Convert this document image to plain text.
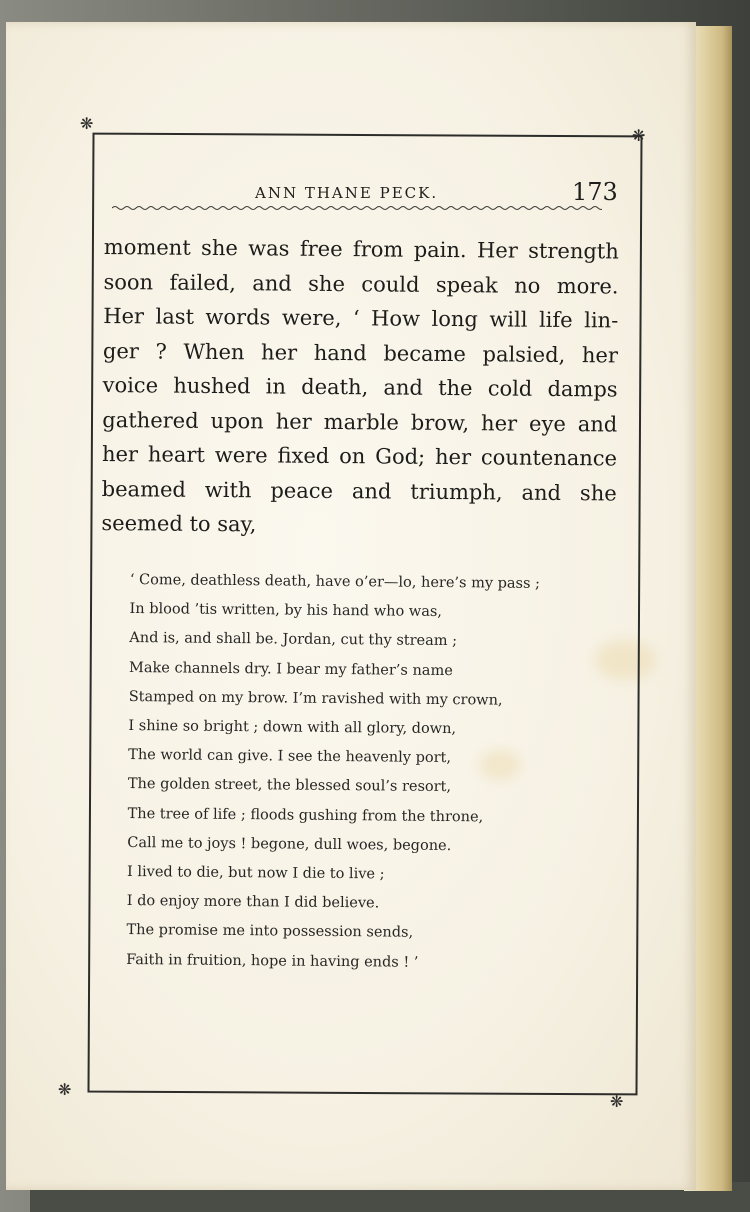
❋
❋
❋
❋
ANN THANE PECK.	173
moment she was free from pain. Her strength
soon failed, and she could speak no more.
Her last words were, ‘ How long will life lin-
ger ? When her hand became palsied, her
voice hushed in death, and the cold damps
gathered upon her marble brow, her eye and
her heart were fixed on God; her countenance
beamed with peace and triumph, and she
seemed to say,
‘ Come, deathless death, have o’er—lo, here’s my pass ;
In blood ’tis written, by his hand who was,
And is, and shall be. Jordan, cut thy stream ;
Make channels dry. I bear my father’s name
Stamped on my brow. I’m ravished with my crown,
I shine so bright ; down with all glory, down,
The world can give. I see the heavenly port,
The golden street, the blessed soul’s resort,
The tree of life ; floods gushing from the throne,
Call me to joys ! begone, dull woes, begone.
I lived to die, but now I die to live ;
I do enjoy more than I did believe.
The promise me into possession sends,
Faith in fruition, hope in having ends ! ’
